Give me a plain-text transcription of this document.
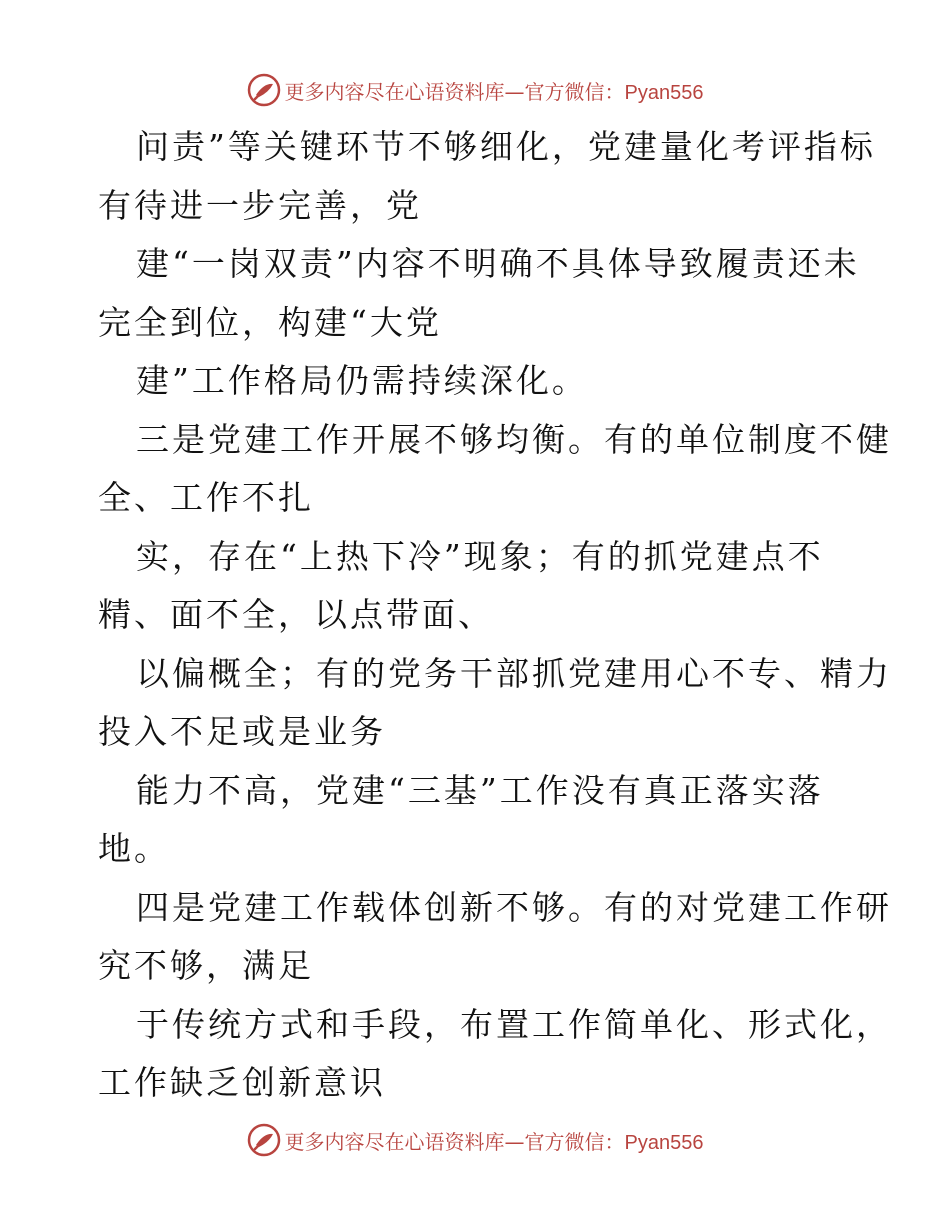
更多内容尽在心语资料库—官方微信：Pyan556
问责”等关键环节不够细化，党建量化考评指标
有待进一步完善，党
建“一岗双责”内容不明确不具体导致履责还未
完全到位，构建“大党
建”工作格局仍需持续深化。
三是党建工作开展不够均衡。有的单位制度不健
全、工作不扎
实，存在“上热下冷”现象；有的抓党建点不
精、面不全，以点带面、
以偏概全；有的党务干部抓党建用心不专、精力
投入不足或是业务
能力不高，党建“三基”工作没有真正落实落
地。
四是党建工作载体创新不够。有的对党建工作研
究不够，满足
于传统方式和手段，布置工作简单化、形式化，
工作缺乏创新意识
更多内容尽在心语资料库—官方微信：Pyan556
